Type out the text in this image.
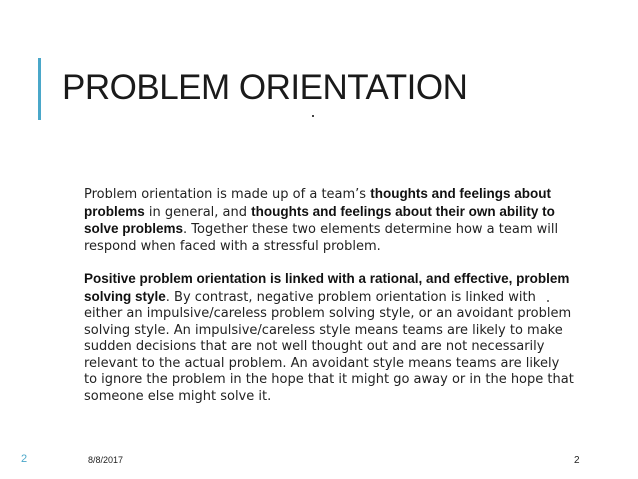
PROBLEM ORIENTATION

Problem orientation is made up of a team’s thoughts and feelings about problems in general, and thoughts and feelings about their own ability to solve problems. Together these two elements determine how a team will respond when faced with a stressful problem.

Positive problem orientation is linked with a rational, and effective, problem solving style. By contrast, negative problem orientation is linked with either an impulsive/careless problem solving style, or an avoidant problem solving style. An impulsive/careless style means teams are likely to make sudden decisions that are not well thought out and are not necessarily relevant to the actual problem. An avoidant style means teams are likely to ignore the problem in the hope that it might go away or in the hope that someone else might solve it.

2	8/8/2017	2
